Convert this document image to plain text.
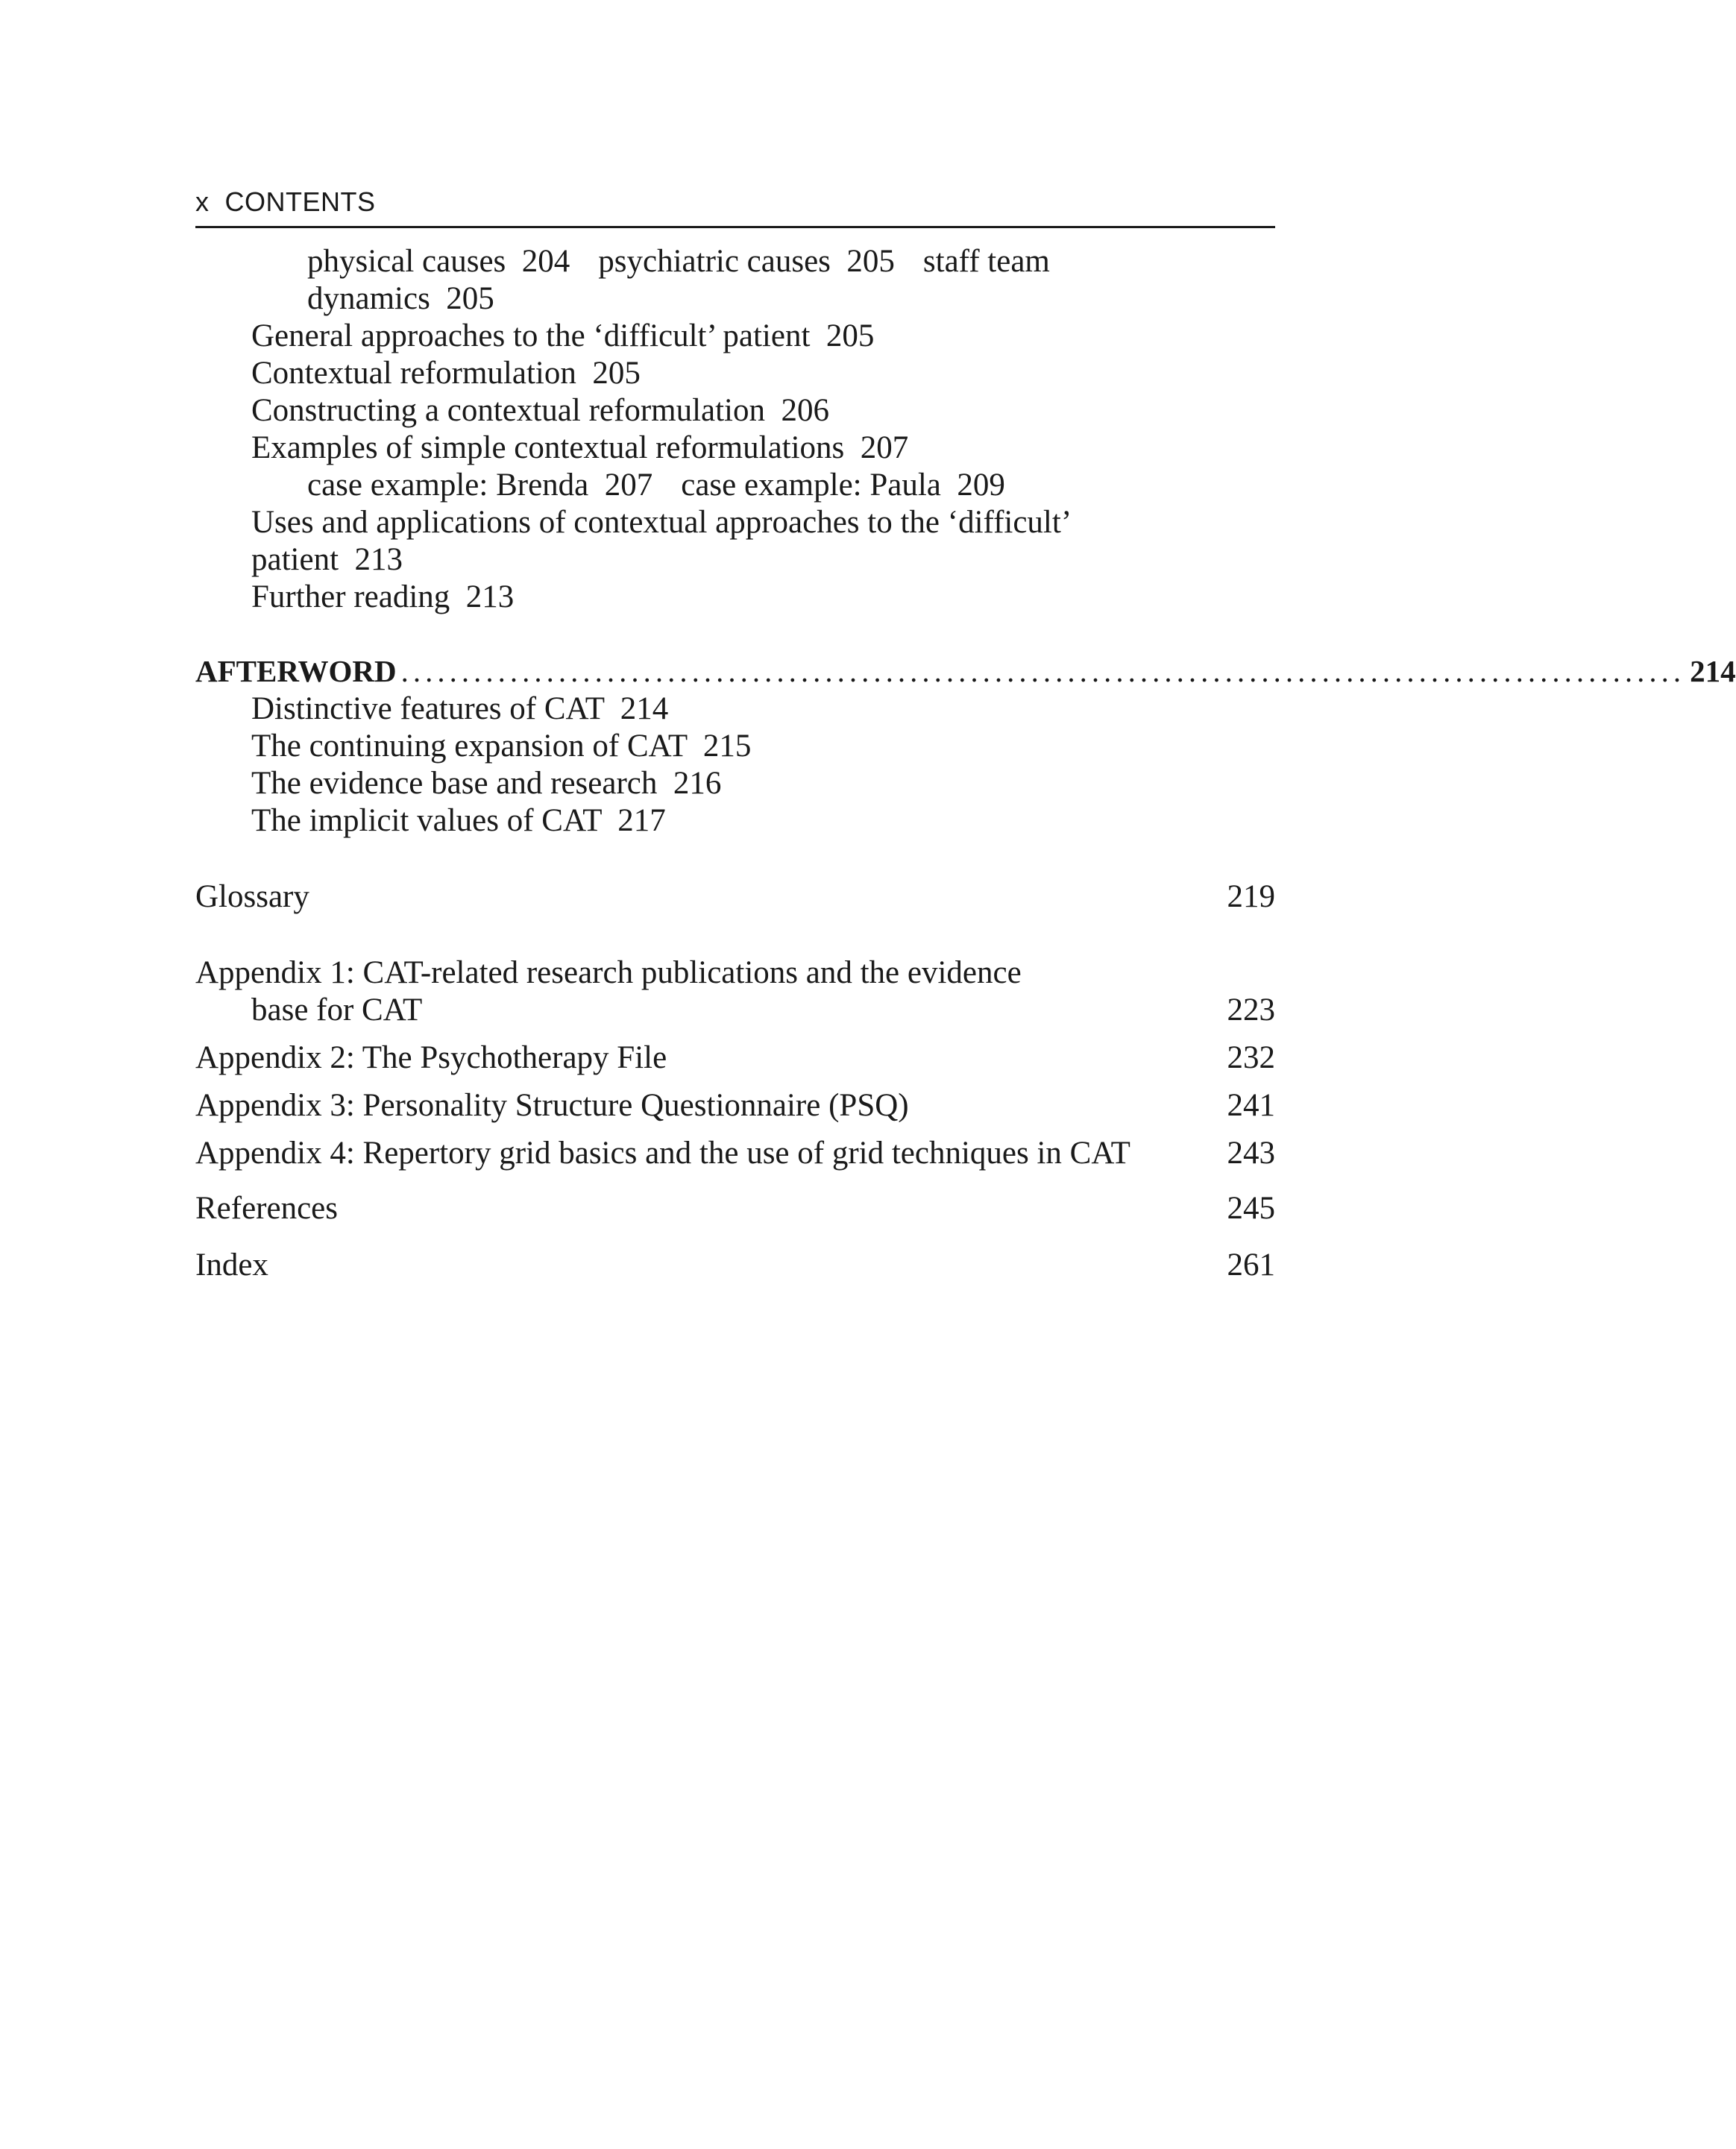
x  CONTENTS
physical causes  204 psychiatric causes  205 staff team
dynamics  205
General approaches to the ‘difficult’ patient  205
Contextual reformulation  205
Constructing a contextual reformulation  206
Examples of simple contextual reformulations  207
case example: Brenda  207 case example: Paula  209
Uses and applications of contextual approaches to the ‘difficult’
patient  213
Further reading  213
AFTERWORD .......................................................................................................... 214
Distinctive features of CAT  214
The continuing expansion of CAT  215
The evidence base and research  216
The implicit values of CAT  217
Glossary	219
Appendix 1: CAT-related research publications and the evidence
base for CAT	223
Appendix 2: The Psychotherapy File	232
Appendix 3: Personality Structure Questionnaire (PSQ)	241
Appendix 4: Repertory grid basics and the use of grid techniques in CAT	243
References	245
Index	261
